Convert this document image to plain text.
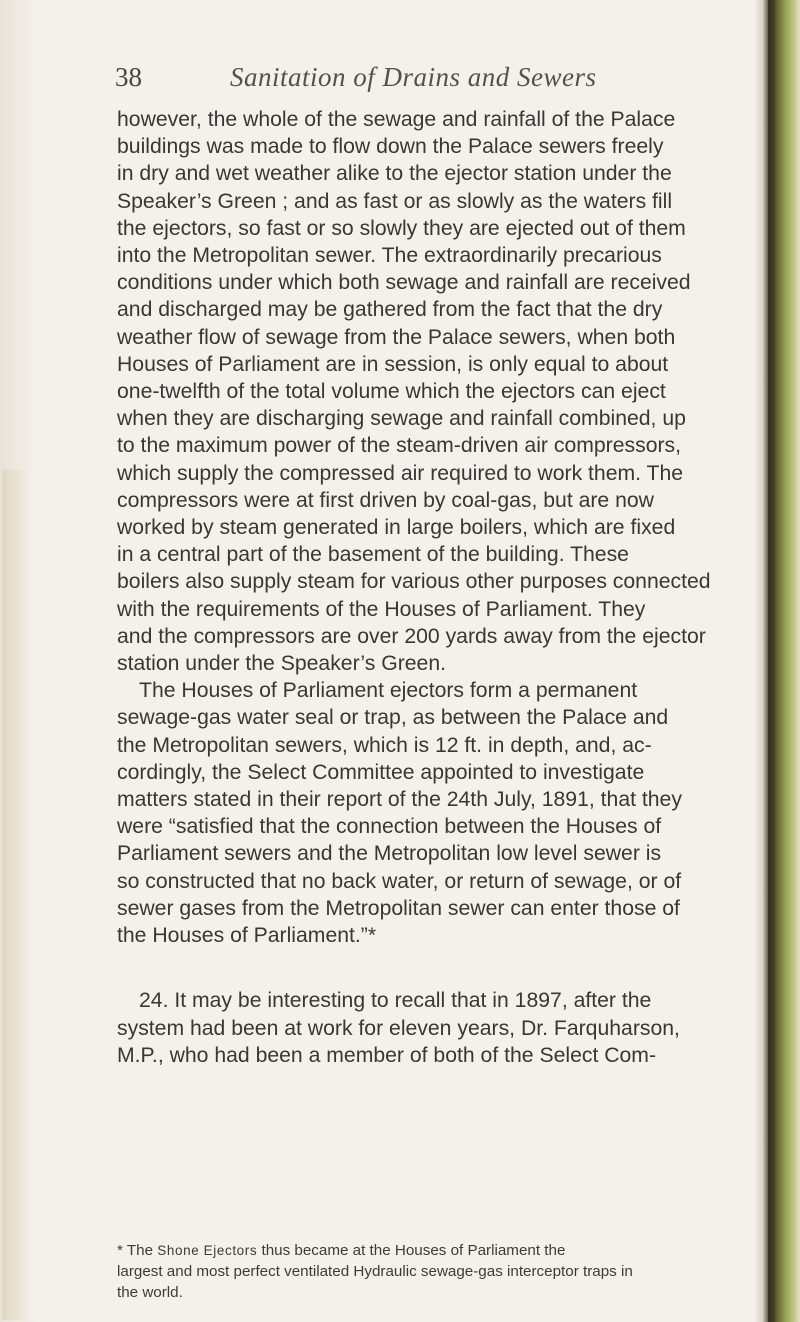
38	Sanitation of Drains and Sewers
however, the whole of the sewage and rainfall of the Palace
buildings was made to flow down the Palace sewers freely
in dry and wet weather alike to the ejector station under the
Speaker’s Green ; and as fast or as slowly as the waters fill
the ejectors, so fast or so slowly they are ejected out of them
into the Metropolitan sewer. The extraordinarily precarious
conditions under which both sewage and rainfall are received
and discharged may be gathered from the fact that the dry
weather flow of sewage from the Palace sewers, when both
Houses of Parliament are in session, is only equal to about
one-twelfth of the total volume which the ejectors can eject
when they are discharging sewage and rainfall combined, up
to the maximum power of the steam-driven air compressors,
which supply the compressed air required to work them. The
compressors were at first driven by coal-gas, but are now
worked by steam generated in large boilers, which are fixed
in a central part of the basement of the building. These
boilers also supply steam for various other purposes connected
with the requirements of the Houses of Parliament. They
and the compressors are over 200 yards away from the ejector
station under the Speaker’s Green.
The Houses of Parliament ejectors form a permanent
sewage-gas water seal or trap, as between the Palace and
the Metropolitan sewers, which is 12 ft. in depth, and, ac-
cordingly, the Select Committee appointed to investigate
matters stated in their report of the 24th July, 1891, that they
were “satisfied that the connection between the Houses of
Parliament sewers and the Metropolitan low level sewer is
so constructed that no back water, or return of sewage, or of
sewer gases from the Metropolitan sewer can enter those of
the Houses of Parliament.”*
24. It may be interesting to recall that in 1897, after the
system had been at work for eleven years, Dr. Farquharson,
M.P., who had been a member of both of the Select Com-
* The Shone Ejectors thus became at the Houses of Parliament the
largest and most perfect ventilated Hydraulic sewage-gas interceptor traps in
the world.
